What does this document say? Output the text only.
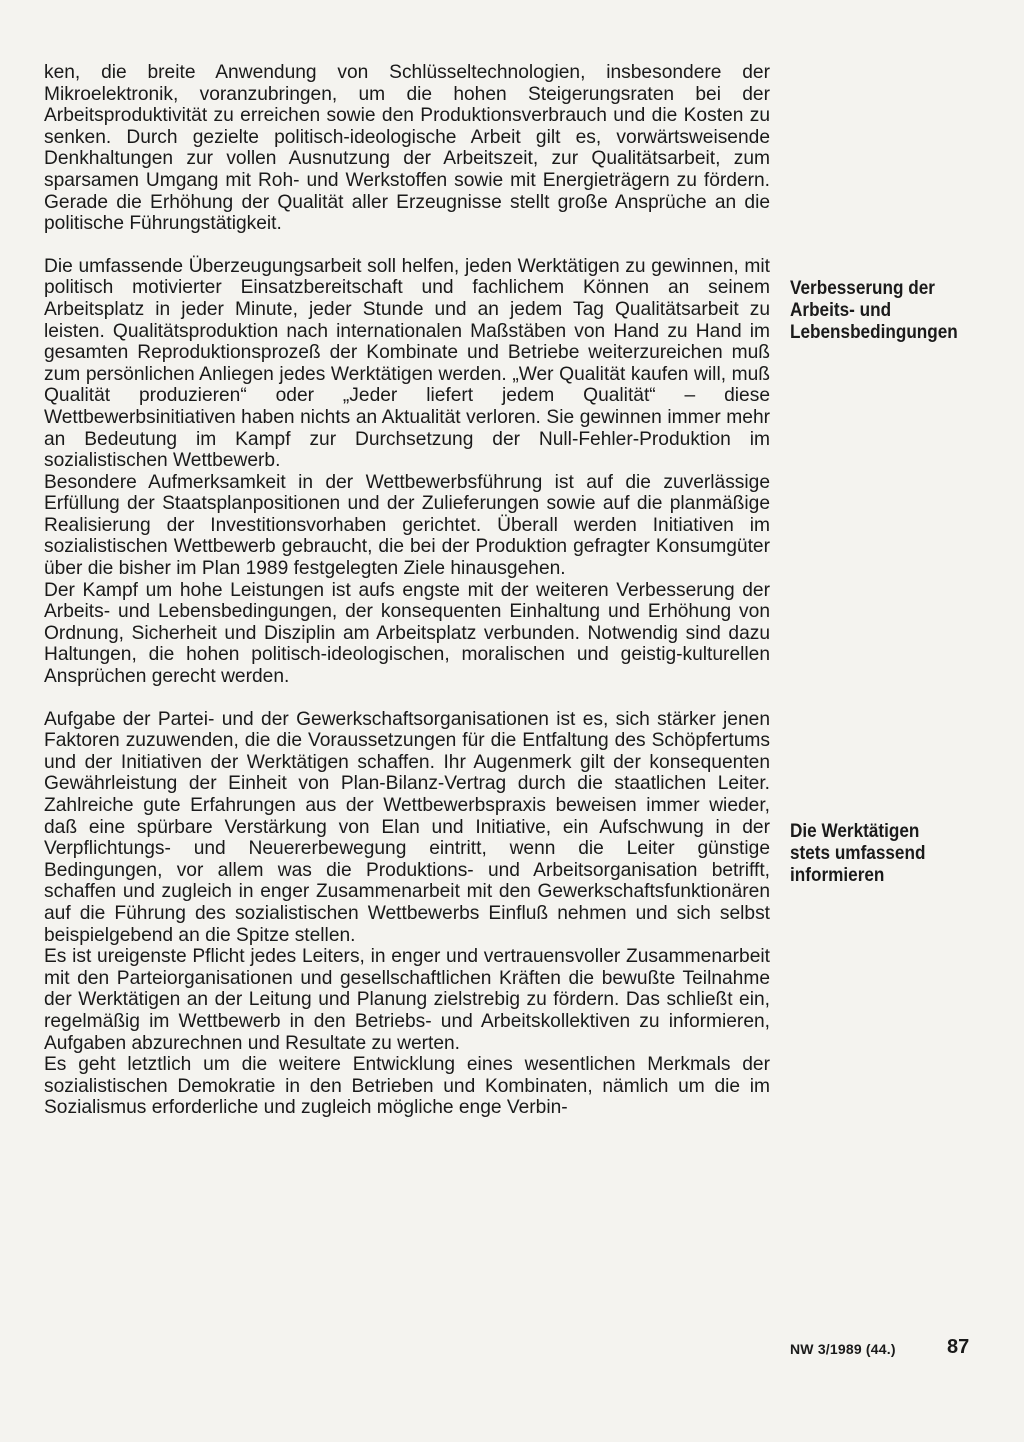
ken, die breite Anwendung von Schlüsseltechnologien, insbesondere der Mikroelektronik, voranzubringen, um die hohen Steigerungsraten bei der Arbeitsproduktivität zu erreichen sowie den Produktionsverbrauch und die Kosten zu senken. Durch gezielte politisch-ideologische Arbeit gilt es, vorwärtsweisende Denkhaltungen zur vollen Ausnutzung der Arbeitszeit, zur Qualitätsarbeit, zum sparsamen Umgang mit Roh- und Werkstoffen sowie mit Energieträgern zu fördern. Gerade die Erhöhung der Qualität aller Erzeugnisse stellt große Ansprüche an die politische Führungstätigkeit.

Die umfassende Überzeugungsarbeit soll helfen, jeden Werktätigen zu gewinnen, mit politisch motivierter Einsatzbereitschaft und fachlichem Können an seinem Arbeitsplatz in jeder Minute, jeder Stunde und an jedem Tag Qualitätsarbeit zu leisten. Qualitätsproduktion nach internationalen Maßstäben von Hand zu Hand im gesamten Reproduktionsprozeß der Kombinate und Betriebe weiterzureichen muß zum persönlichen Anliegen jedes Werktätigen werden. „Wer Qualität kaufen will, muß Qualität produzieren“ oder „Jeder liefert jedem Qualität“ – diese Wettbewerbsinitiativen haben nichts an Aktualität verloren. Sie gewinnen immer mehr an Bedeutung im Kampf zur Durchsetzung der Null-Fehler-Produktion im sozialistischen Wettbewerb.

Besondere Aufmerksamkeit in der Wettbewerbsführung ist auf die zuverlässige Erfüllung der Staatsplanpositionen und der Zulieferungen sowie auf die planmäßige Realisierung der Investitionsvorhaben gerichtet. Überall werden Initiativen im sozialistischen Wettbewerb gebraucht, die bei der Produktion gefragter Konsumgüter über die bisher im Plan 1989 festgelegten Ziele hinausgehen.

Der Kampf um hohe Leistungen ist aufs engste mit der weiteren Verbesserung der Arbeits- und Lebensbedingungen, der konsequenten Einhaltung und Erhöhung von Ordnung, Sicherheit und Disziplin am Arbeitsplatz verbunden. Notwendig sind dazu Haltungen, die hohen politisch-ideologischen, moralischen und geistig-kulturellen Ansprüchen gerecht werden.

Aufgabe der Partei- und der Gewerkschaftsorganisationen ist es, sich stärker jenen Faktoren zuzuwenden, die die Voraussetzungen für die Entfaltung des Schöpfertums und der Initiativen der Werktätigen schaffen. Ihr Augenmerk gilt der konsequenten Gewährleistung der Einheit von Plan-Bilanz-Vertrag durch die staatlichen Leiter. Zahlreiche gute Erfahrungen aus der Wettbewerbspraxis beweisen immer wieder, daß eine spürbare Verstärkung von Elan und Initiative, ein Aufschwung in der Verpflichtungs- und Neuererbewegung eintritt, wenn die Leiter günstige Bedingungen, vor allem was die Produktions- und Arbeitsorganisation betrifft, schaffen und zugleich in enger Zusammenarbeit mit den Gewerkschaftsfunktionären auf die Führung des sozialistischen Wettbewerbs Einfluß nehmen und sich selbst beispielgebend an die Spitze stellen.

Es ist ureigenste Pflicht jedes Leiters, in enger und vertrauensvoller Zusammenarbeit mit den Parteiorganisationen und gesellschaftlichen Kräften die bewußte Teilnahme der Werktätigen an der Leitung und Planung zielstrebig zu fördern. Das schließt ein, regelmäßig im Wettbewerb in den Betriebs- und Arbeitskollektiven zu informieren, Aufgaben abzurechnen und Resultate zu werten.

Es geht letztlich um die weitere Entwicklung eines wesentlichen Merkmals der sozialistischen Demokratie in den Betrieben und Kombinaten, nämlich um die im Sozialismus erforderliche und zugleich mögliche enge Verbin-

Verbesserung der
Arbeits- und
Lebensbedingungen
Die Werktätigen
stets umfassend
informieren
NW 3/1989 (44.)	87
